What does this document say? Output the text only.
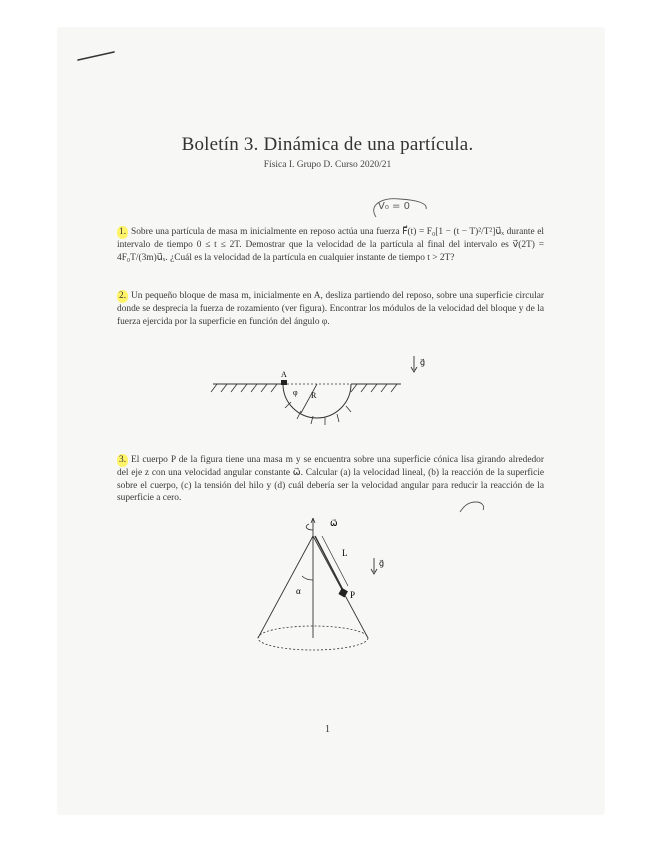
Boletín 3. Dinámica de una partícula.
Física I. Grupo D. Curso 2020/21
V₀ = 0
1. Sobre una partícula de masa m inicialmente en reposo actúa una fuerza F⃗(t) = F₀[1 − (t − T)²/T²]u⃗ₓ durante el intervalo de tiempo 0 ≤ t ≤ 2T. Demostrar que la velocidad de la partícula al final del intervalo es v⃗(2T) = 4F₀T/(3m)u⃗ₓ. ¿Cuál es la velocidad de la partícula en cualquier instante de tiempo t > 2T?
2. Un pequeño bloque de masa m, inicialmente en A, desliza partiendo del reposo, sobre una superficie circular donde se desprecia la fuerza de rozamiento (ver figura). Encontrar los módulos de la velocidad del bloque y de la fuerza ejercida por la superficie en función del ángulo φ.
A
φ R
g⃗
3. El cuerpo P de la figura tiene una masa m y se encuentra sobre una superficie cónica lisa girando alrededor del eje z con una velocidad angular constante ω⃗. Calcular (a) la velocidad lineal, (b) la reacción de la superficie sobre el cuerpo, (c) la tensión del hilo y (d) cuál debería ser la velocidad angular para reducir la reacción de la superficie a cero.
ω⃗
L
P
α
g⃗
1
